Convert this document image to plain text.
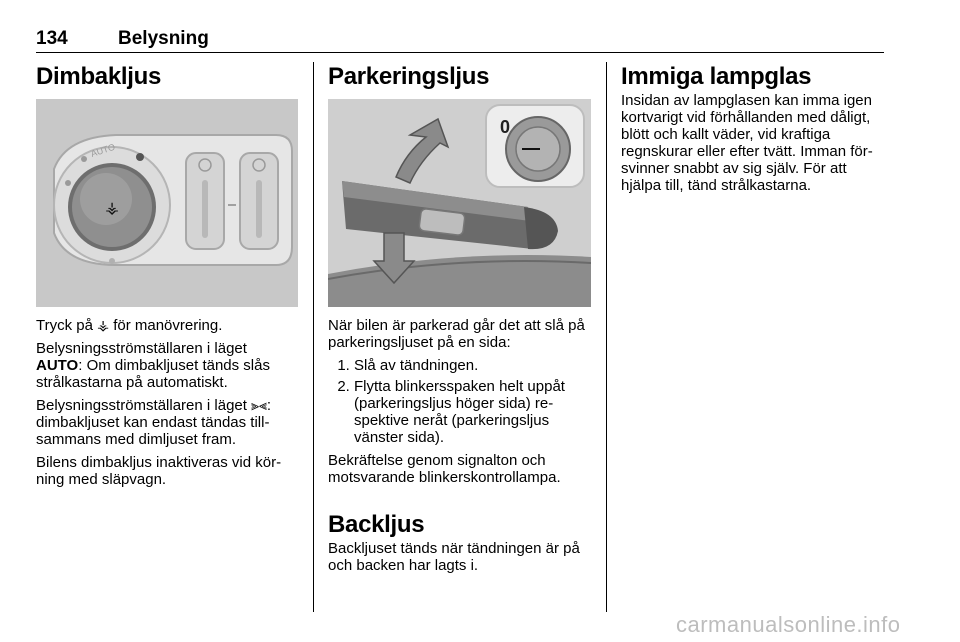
134	Belysning
Dimbakljus
AUTO
⚶

Tryck på ⚶ för manövrering.

Belysningsströmställaren i läget
AUTO: Om dimbakljuset tänds slås strålkastarna på automatiskt.

Belysningsströmställaren i läget ⫸⫷: dimbakljuset kan endast tändas tillsammans med dimljuset fram.

Bilens dimbakljus inaktiveras vid körning med släpvagn.

Parkeringsljus
0

När bilen är parkerad går det att slå på parkeringsljuset på en sida:

1. Slå av tändningen.
2. Flytta blinkersspaken helt uppåt (parkeringsljus höger sida) respektive neråt (parkeringsljus vänster sida).

Bekräftelse genom signalton och motsvarande blinkerskontrollampa.

Backljus

Backljuset tänds när tändningen är på och backen har lagts i.

Immiga lampglas

Insidan av lampglasen kan imma igen kortvarigt vid förhållanden med dåligt, blött och kallt väder, vid kraftiga regnskurar eller efter tvätt. Imman försvinner snabbt av sig själv. För att hjälpa till, tänd strålkastarna.

carmanualsonline.info
